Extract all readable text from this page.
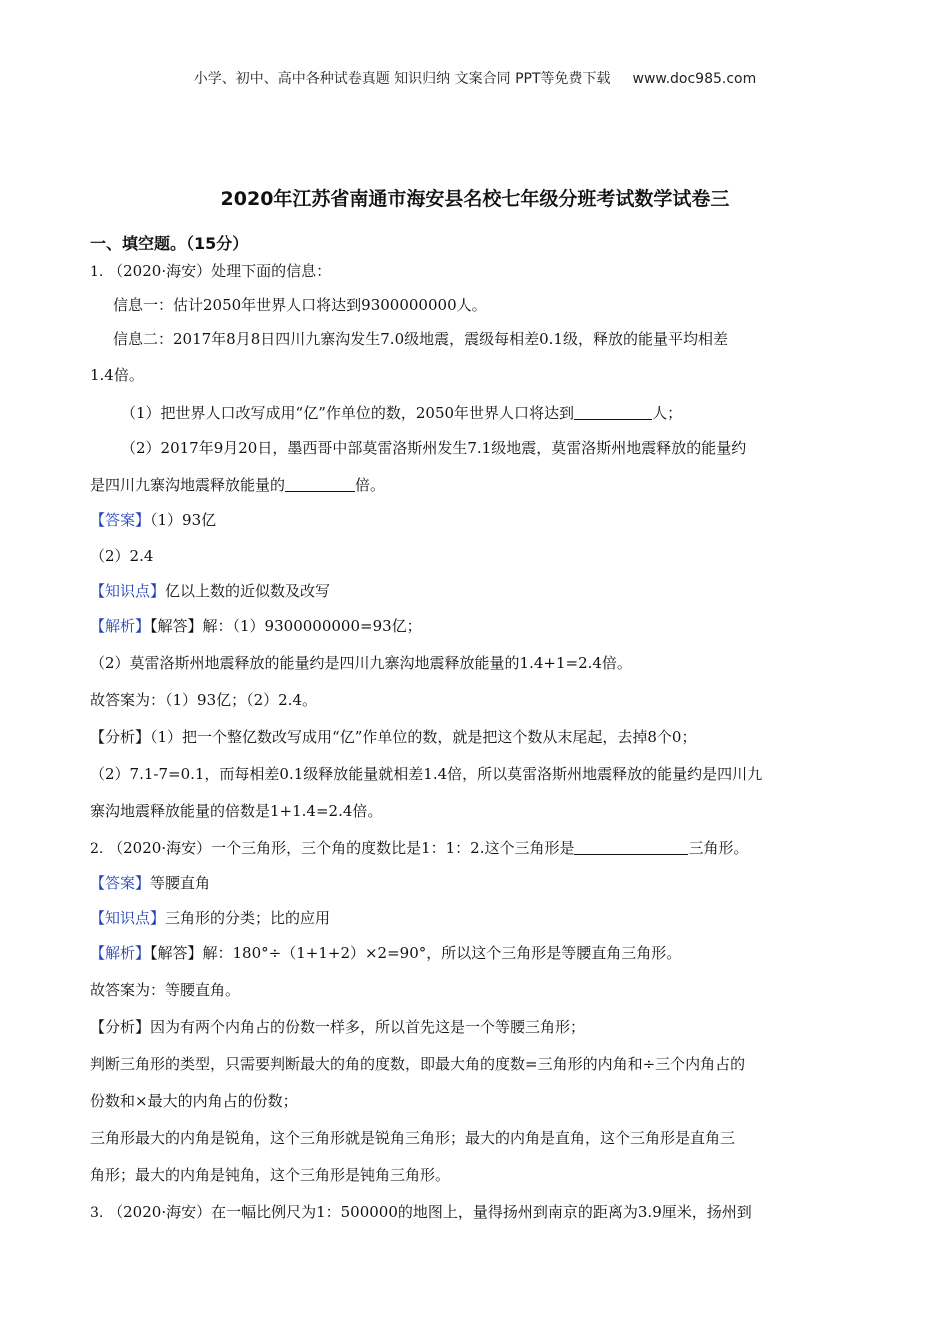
小学、初中、高中各种试卷真题 知识归纳 文案合同 PPT等免费下载 www.doc985.com
2020年江苏省南通市海安县名校七年级分班考试数学试卷三
一、填空题。（15分）
1. （2020·海安）处理下面的信息：
信息一：估计2050年世界人口将达到9300000000人。
信息二：2017年8月8日四川九寨沟发生7.0级地震，震级每相差0.1级，释放的能量平均相差
1.4倍。
（1）把世界人口改写成用“亿”作单位的数，2050年世界人口将达到	人；
（2）2017年9月20日，墨西哥中部莫雷洛斯州发生7.1级地震，莫雷洛斯州地震释放的能量约
是四川九寨沟地震释放能量的	倍。
【答案】（1）93亿
（2）2.4
【知识点】亿以上数的近似数及改写
【解析】【解答】解：（1）9300000000=93亿；
（2）莫雷洛斯州地震释放的能量约是四川九寨沟地震释放能量的1.4+1=2.4倍。
故答案为：（1）93亿；（2）2.4。
【分析】（1）把一个整亿数改写成用“亿”作单位的数，就是把这个数从末尾起，去掉8个0；
（2）7.1-7=0.1，而每相差0.1级释放能量就相差1.4倍，所以莫雷洛斯州地震释放的能量约是四川九
寨沟地震释放能量的倍数是1+1.4=2.4倍。
2. （2020·海安）一个三角形，三个角的度数比是1：1：2.这个三角形是	三角形。
【答案】等腰直角
【知识点】三角形的分类；比的应用
【解析】【解答】解：180°÷（1+1+2）×2=90°，所以这个三角形是等腰直角三角形。
故答案为：等腰直角。
【分析】因为有两个内角占的份数一样多，所以首先这是一个等腰三角形；
判断三角形的类型，只需要判断最大的角的度数，即最大角的度数=三角形的内角和÷三个内角占的
份数和×最大的内角占的份数；
三角形最大的内角是锐角，这个三角形就是锐角三角形；最大的内角是直角，这个三角形是直角三
角形；最大的内角是钝角，这个三角形是钝角三角形。
3. （2020·海安）在一幅比例尺为1：500000的地图上，量得扬州到南京的距离为3.9厘米，扬州到
